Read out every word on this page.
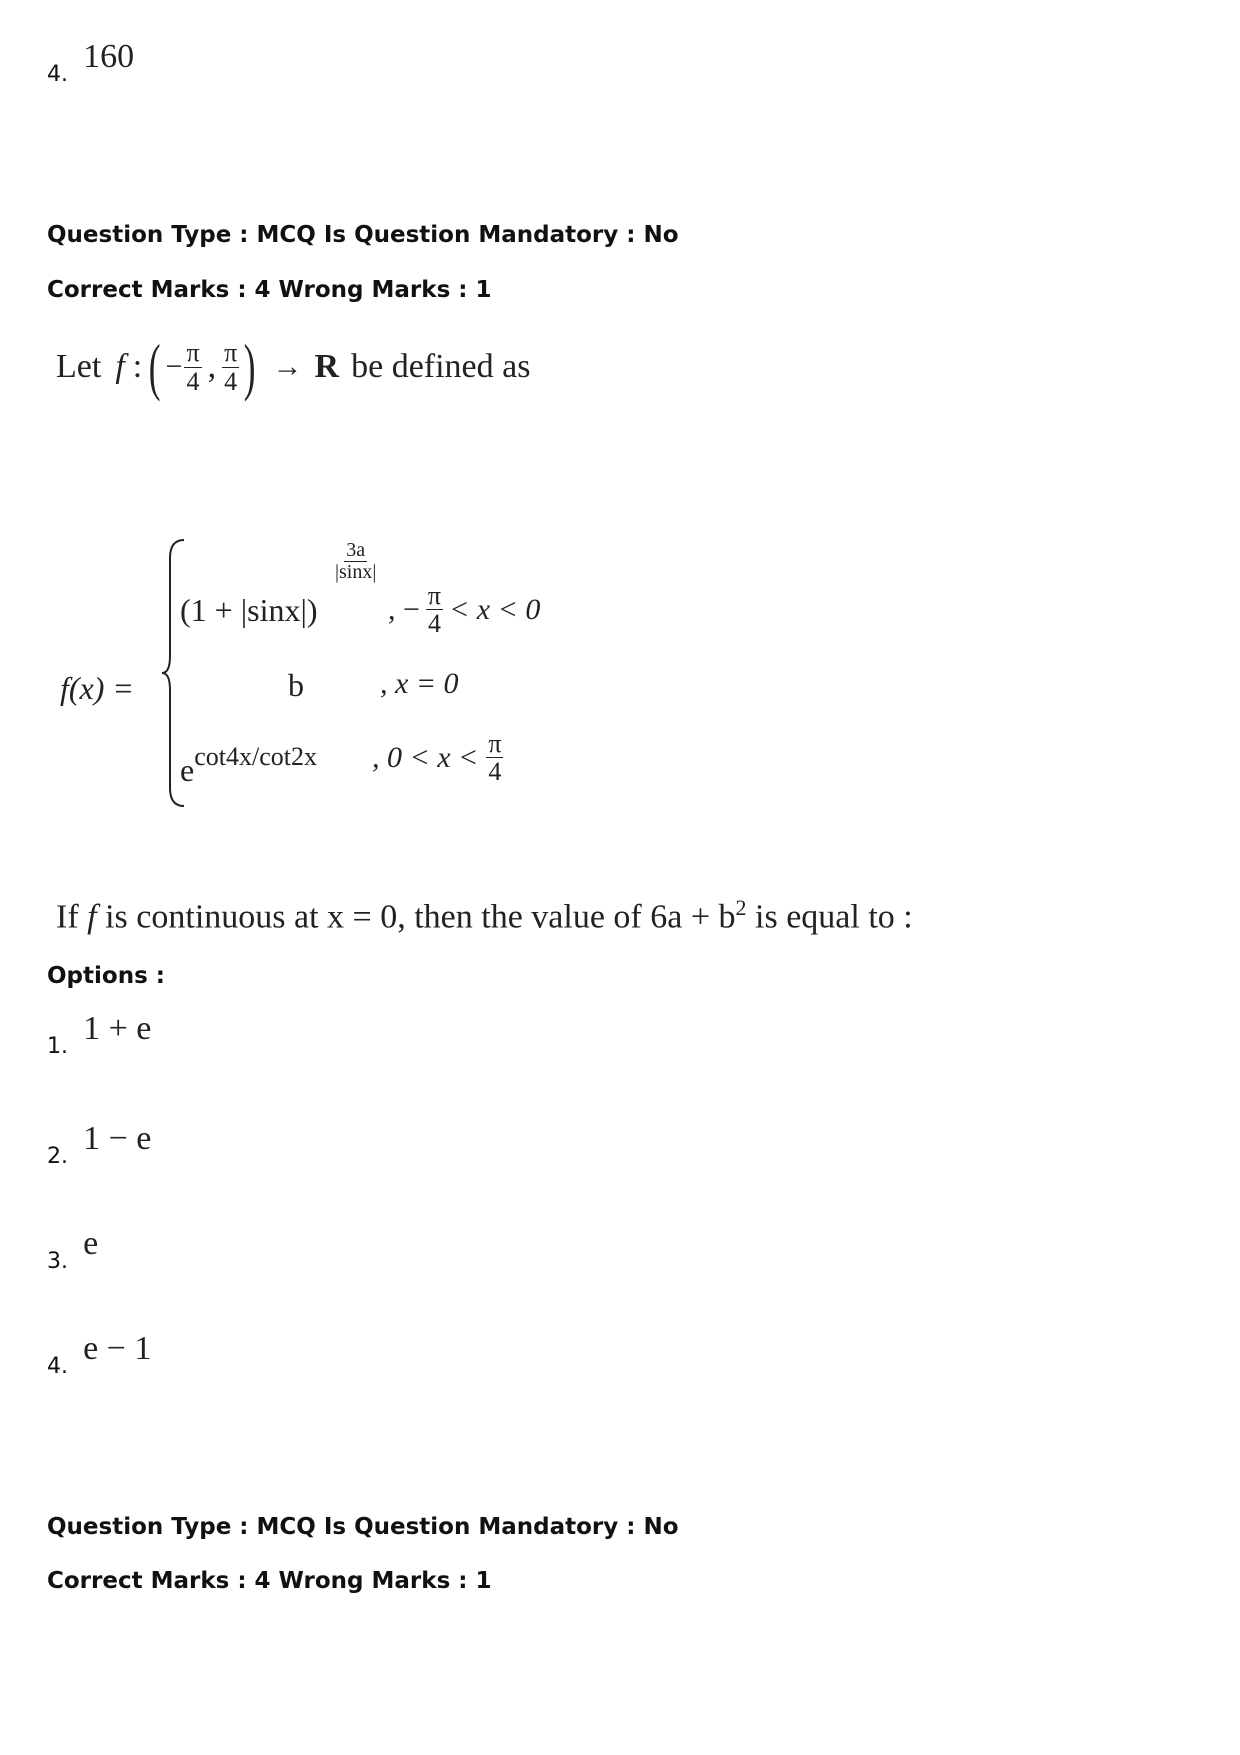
4. 160
Question Type : MCQ Is Question Mandatory : No
Correct Marks : 4 Wrong Marks : 1
Let f : ( − $\frac{\pi}{4}$ , $\frac{\pi}{4}$ ) → R be defined as
f(x) =
(1 + |sinx|)
$\frac{3a}{|\sin x|}$
, − $\frac{\pi}{4} < x < 0$
b	, x = 0
ecot4x/cot2x , $0 < x < \frac{\pi}{4}$
If f is continuous at x = 0, then the value of $6a + b^2$ is equal to :
Options :
1. 1 + e
2. 1 − e
3. e
4. e − 1
Question Type : MCQ Is Question Mandatory : No
Correct Marks : 4 Wrong Marks : 1
